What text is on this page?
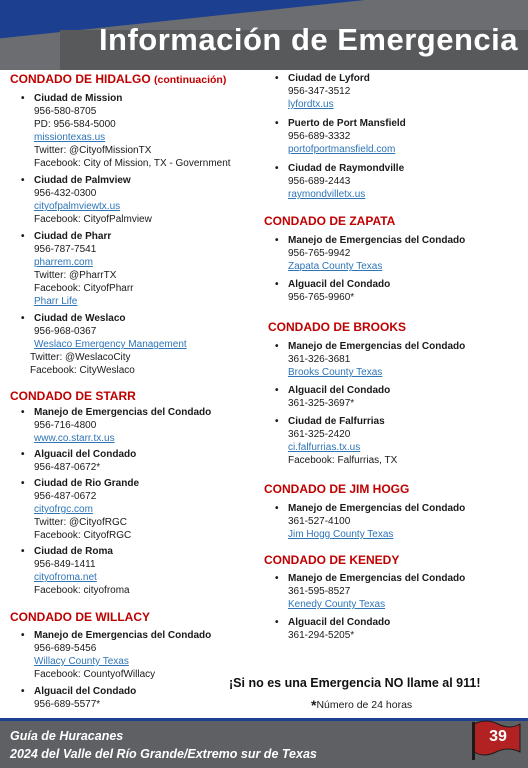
Información de Emergencia
CONDADO DE HIDALGO (continuación)
• Ciudad de Mission
956-580-8705
PD: 956-584-5000
missiontexas.us
Twitter: @CityofMissionTX
Facebook: City of Mission, TX - Government
• Ciudad de Palmview
956-432-0300
cityofpalmviewtx.us
Facebook: CityofPalmview
• Ciudad de Pharr
956-787-7541
pharrem.com
Twitter: @PharrTX
Facebook: CityofPharr
Pharr Life
• Ciudad de Weslaco
956-968-0367
Weslaco Emergency Management
Twitter: @WeslacoCity
Facebook: CityWeslaco
CONDADO DE STARR
• Manejo de Emergencias del Condado
956-716-4800
www.co.starr.tx.us
• Alguacil del Condado
956-487-0672*
• Ciudad de Rio Grande
956-487-0672
cityofrgc.com
Twitter: @CityofRGC
Facebook: CityofRGC
• Ciudad de Roma
956-849-1411
cityofroma.net
Facebook: cityofroma
CONDADO DE WILLACY
• Manejo de Emergencias del Condado
956-689-5456
Willacy County Texas
Facebook: CountyofWillacy
• Alguacil del Condado
956-689-5577*
• Ciudad de Lyford
956-347-3512
lyfordtx.us
• Puerto de Port Mansfield
956-689-3332
portofportmansfield.com
• Ciudad de Raymondville
956-689-2443
raymondvilletx.us
CONDADO DE ZAPATA
• Manejo de Emergencias del Condado
956-765-9942
Zapata County Texas
• Alguacil del Condado
956-765-9960*
CONDADO DE BROOKS
• Manejo de Emergencias del Condado
361-326-3681
Brooks County Texas
• Alguacil del Condado
361-325-3697*
• Ciudad de Falfurrias
361-325-2420
ci.falfurrias.tx.us
Facebook: Falfurrias, TX
CONDADO DE JIM HOGG
• Manejo de Emergencias del Condado
361-527-4100
Jim Hogg County Texas
CONDADO DE KENEDY
• Manejo de Emergencias del Condado
361-595-8527
Kenedy County Texas
• Alguacil del Condado
361-294-5205*
¡Si no es una Emergencia NO llame al 911!
*Número de 24 horas
Guía de Huracanes
2024 del Valle del Río Grande/Extremo sur de Texas
39
